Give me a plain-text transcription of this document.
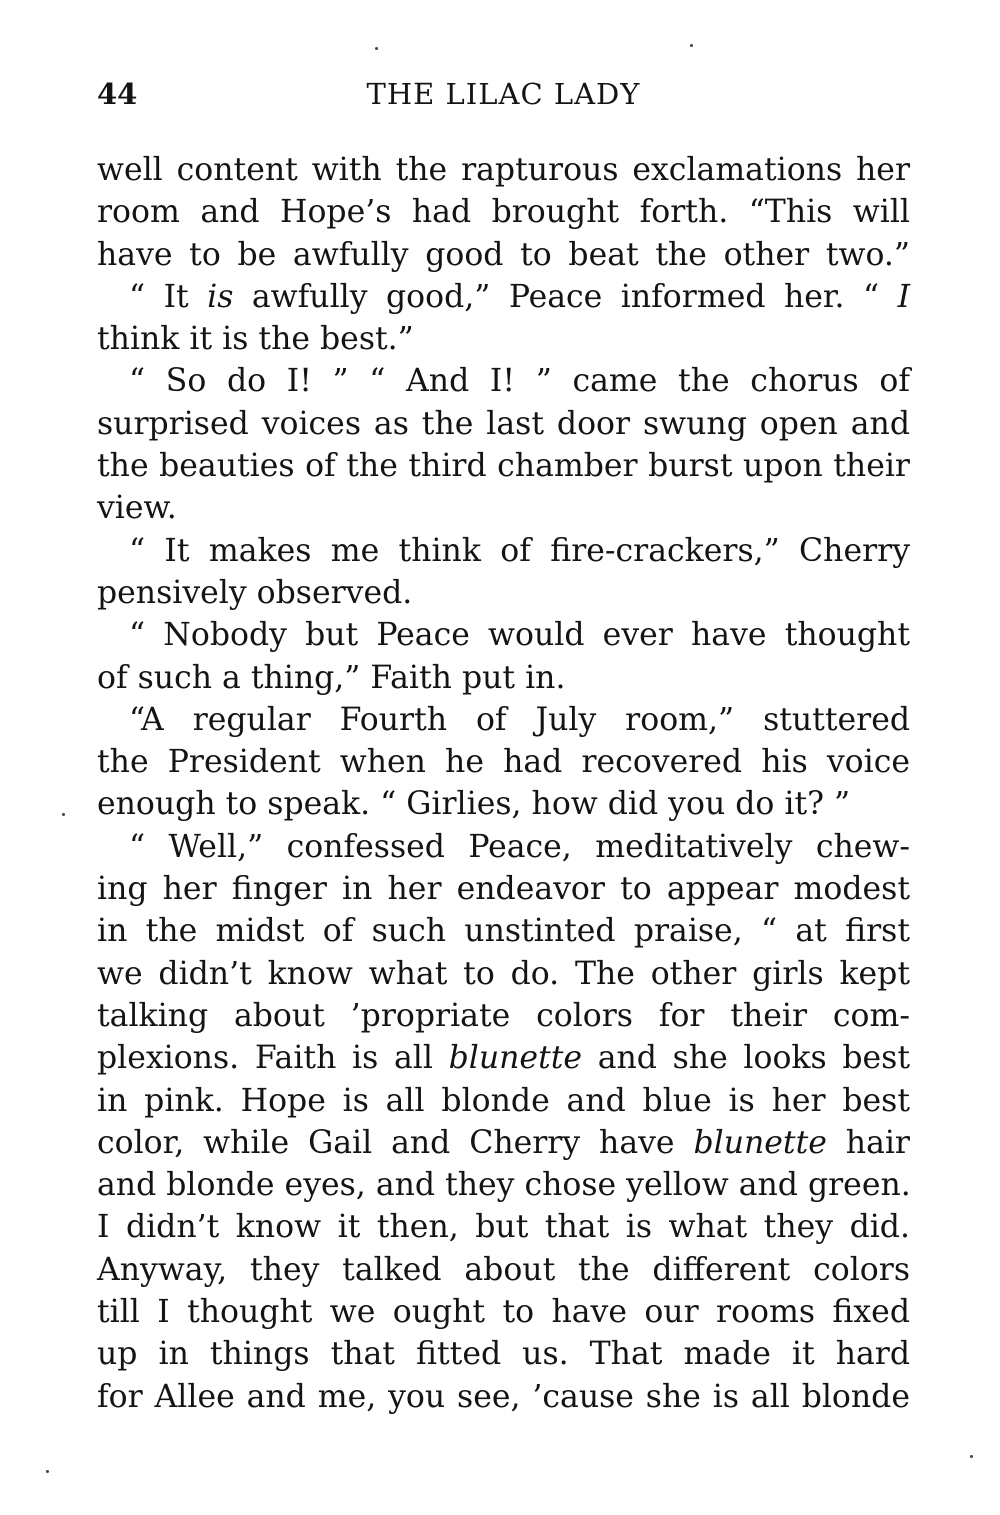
44	THE LILAC LADY
well content with the rapturous exclamations her
room and Hope’s had brought forth. “This will
have to be awfully good to beat the other two.”
“ It is awfully good,” Peace informed her. “ I
think it is the best.”
“ So do I! ” “ And I! ” came the chorus of
surprised voices as the last door swung open and
the beauties of the third chamber burst upon their
view.
“ It makes me think of fire-crackers,” Cherry
pensively observed.
“ Nobody but Peace would ever have thought
of such a thing,” Faith put in.
“A regular Fourth of July room,” stuttered
the President when he had recovered his voice
enough to speak. “ Girlies, how did you do it? ”
“ Well,” confessed Peace, meditatively chew-
ing her finger in her endeavor to appear modest
in the midst of such unstinted praise, “ at first
we didn’t know what to do. The other girls kept
talking about ’propriate colors for their com-
plexions. Faith is all blunette and she looks best
in pink. Hope is all blonde and blue is her best
color, while Gail and Cherry have blunette hair
and blonde eyes, and they chose yellow and green.
I didn’t know it then, but that is what they did.
Anyway, they talked about the different colors
till I thought we ought to have our rooms fixed
up in things that fitted us. That made it hard
for Allee and me, you see, ’cause she is all blonde
